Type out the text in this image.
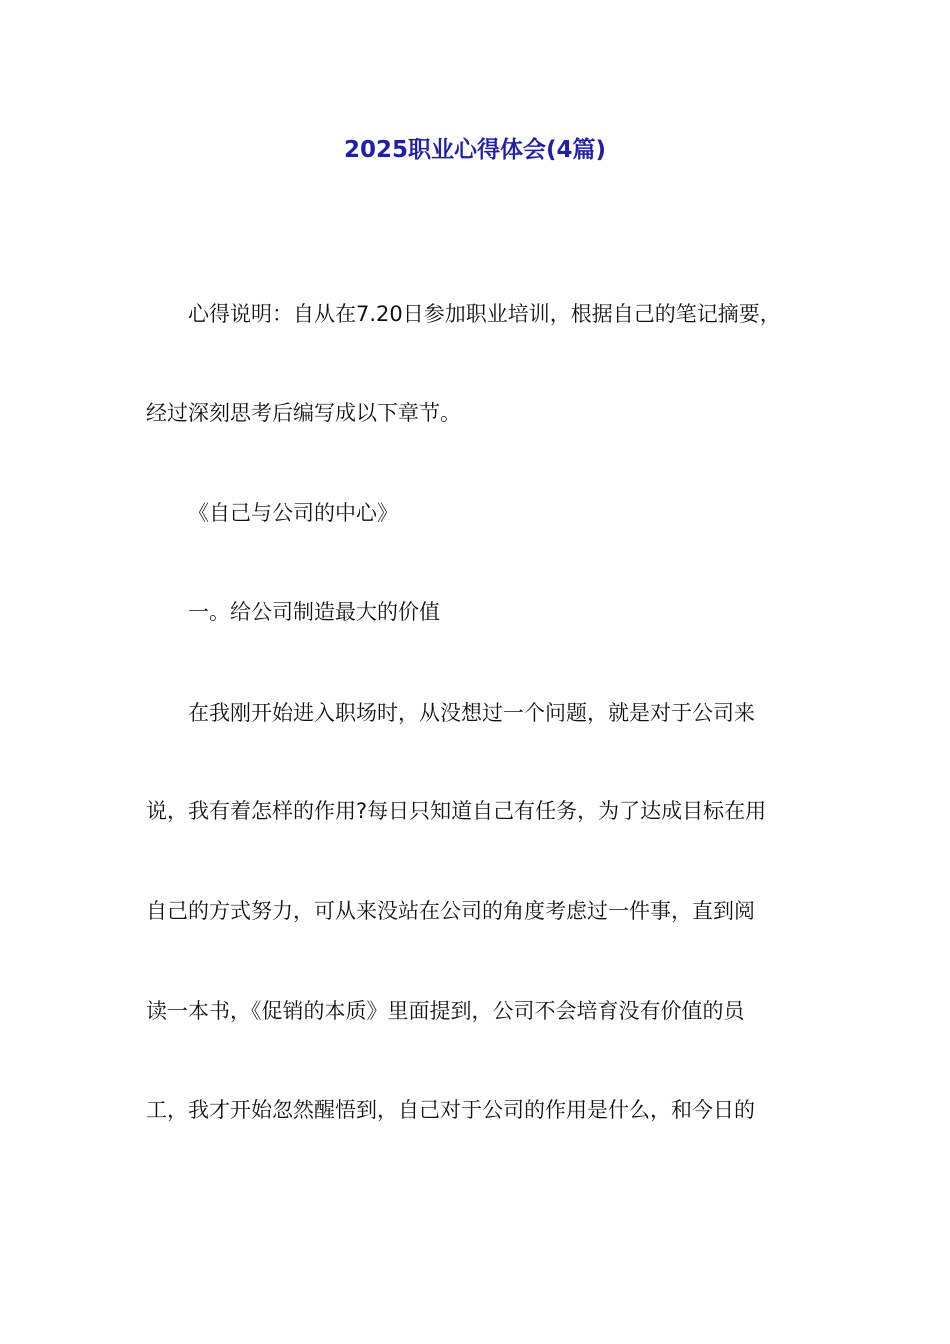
2025职业心得体会(4篇)
心得说明：自从在7.20日参加职业培训，根据自己的笔记摘要，
经过深刻思考后编写成以下章节。
《自己与公司的中心》
一。给公司制造最大的价值
在我刚开始进入职场时，从没想过一个问题，就是对于公司来
说，我有着怎样的作用?每日只知道自己有任务，为了达成目标在用
自己的方式努力，可从来没站在公司的角度考虑过一件事，直到阅
读一本书，《促销的本质》里面提到，公司不会培育没有价值的员
工，我才开始忽然醒悟到，自己对于公司的作用是什么，和今日的
